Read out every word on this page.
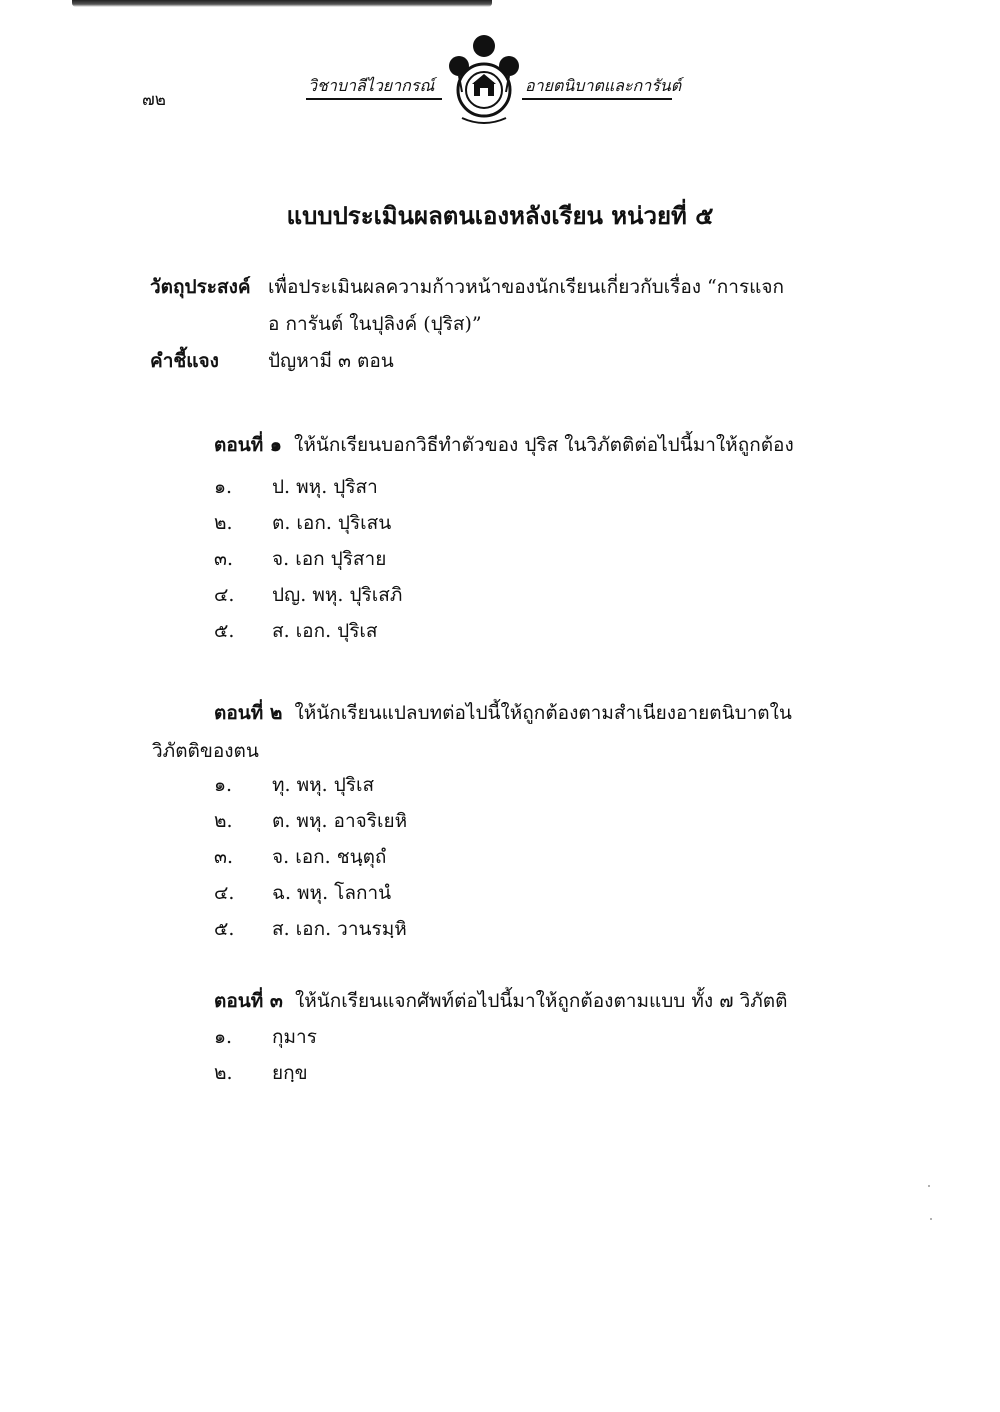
๗๒
วิชาบาลีไวยากรณ์	อายตนิบาตและการันต์
แบบประเมินผลตนเองหลังเรียน หน่วยที่ ๕
วัตถุประสงค์ เพื่อประเมินผลความก้าวหน้าของนักเรียนเกี่ยวกับเรื่อง “การแจก
อ การันต์ ในปุลิงค์ (ปุริส)”
คำชี้แจง	ปัญหามี ๓ ตอน
ตอนที่ ๑ ให้นักเรียนบอกวิธีทำตัวของ ปุริส ในวิภัตติต่อไปนี้มาให้ถูกต้อง
๑. ป. พหุ. ปุริสา
๒. ต. เอก. ปุริเสน
๓. จ. เอก ปุริสาย
๔. ปญ. พหุ. ปุริเสภิ
๕. ส. เอก. ปุริเส
ตอนที่ ๒ ให้นักเรียนแปลบทต่อไปนี้ให้ถูกต้องตามสำเนียงอายตนิบาตใน
วิภัตติของตน
๑. ทุ. พหุ. ปุริเส
๒. ต. พหุ. อาจริเยหิ
๓. จ. เอก. ชนฺตุถํ
๔. ฉ. พหุ. โลกานํ
๕. ส. เอก. วานรมฺหิ
ตอนที่ ๓ ให้นักเรียนแจกศัพท์ต่อไปนี้มาให้ถูกต้องตามแบบ ทั้ง ๗ วิภัตติ
๑. กุมาร
๒. ยกฺข
